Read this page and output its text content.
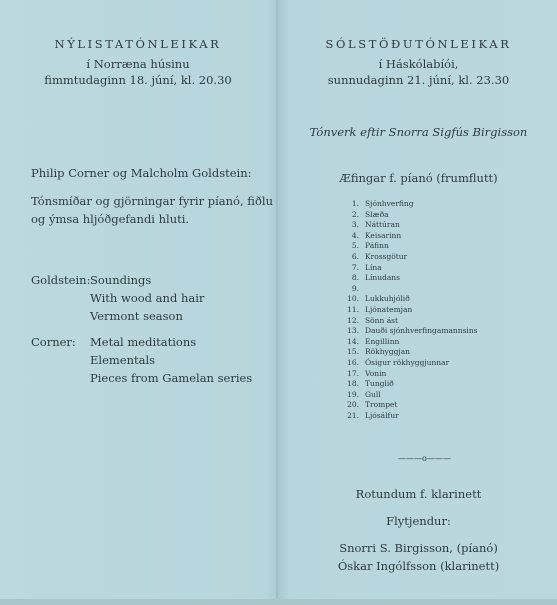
NÝLISTATÓNLEIKAR
í Norræna húsinu
fimmtudaginn 18. júní, kl. 20.30
Philip Corner og Malcholm Goldstein:
Tónsmíðar og gjörningar fyrir píanó, fiðlu
og ýmsa hljóðgefandi hluti.
Goldstein: Soundings
With wood and hair
Vermont season
Corner: Metal meditations
Elementals
Pieces from Gamelan series
SÓLSTÖÐUTÓNLEIKAR
í Háskólabíói,
sunnudaginn 21. júní, kl. 23.30
Tónverk eftir Snorra Sigfús Birgisson
Æfingar f. píanó (frumflutt)
1. Sjónhverfing
2. Slæða
3. Náttúran
4. Keisarinn
5. Páfinn
6. Krossgötur
7. Lína
8. Línudans
9.
10. Lukkuhjólið
11. Ljónatemjan
12. Sönn ást
13. Dauði sjónhverfingamannsins
14. Engillinn
15. Rökhyggjan
16. Ósigur rökhyggjunnar
17. Vonin
18. Tunglið
19. Gull
20. Trompet
21. Ljósálfur
———o———
Rotundum f. klarinett
Flytjendur:
Snorri S. Birgisson, (píanó)
Óskar Ingólfsson (klarinett)
